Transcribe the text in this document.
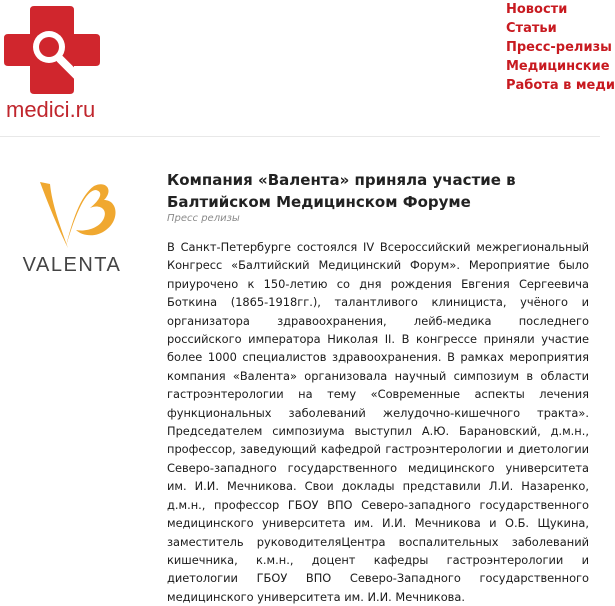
medici.ru
Новости
Статьи
Пресс-релизы
Медицинские
Работа в меди
VALENTA
Компания «Валента» приняла участие в Балтийском Медицинском Форуме
Пресс релизы

В Санкт-Петербурге состоялся IV Всероссийский межрегиональный Конгресс «Балтийский Медицинский Форум». Мероприятие было приурочено к 150-летию со дня рождения Евгения Сергеевича Боткина (1865-1918гг.), талантливого клинициста, учёного и организатора здравоохранения, лейб-медика последнего российского императора Николая II. В конгрессе приняли участие более 1000 специалистов здравоохранения. В рамках мероприятия компания «Валента» организовала научный симпозиум в области гастроэнтерологии на тему «Современные аспекты лечения функциональных заболеваний желудочно-кишечного тракта». Председателем симпозиума выступил А.Ю. Барановский, д.м.н., профессор, заведующий кафедрой гастроэнтерологии и диетологии Северо-западного государственного медицинского университета им. И.И. Мечникова. Свои доклады представили Л.И. Назаренко, д.м.н., профессор ГБОУ ВПО Северо-западного государственного медицинского университета им. И.И. Мечникова и О.Б. Щукина, заместитель руководителяЦентра воспалительных заболеваний кишечника, к.м.н., доцент кафедры гастроэнтерологии и диетологии ГБОУ ВПО Северо-Западного государственного медицинского университета им. И.И. Мечникова.
